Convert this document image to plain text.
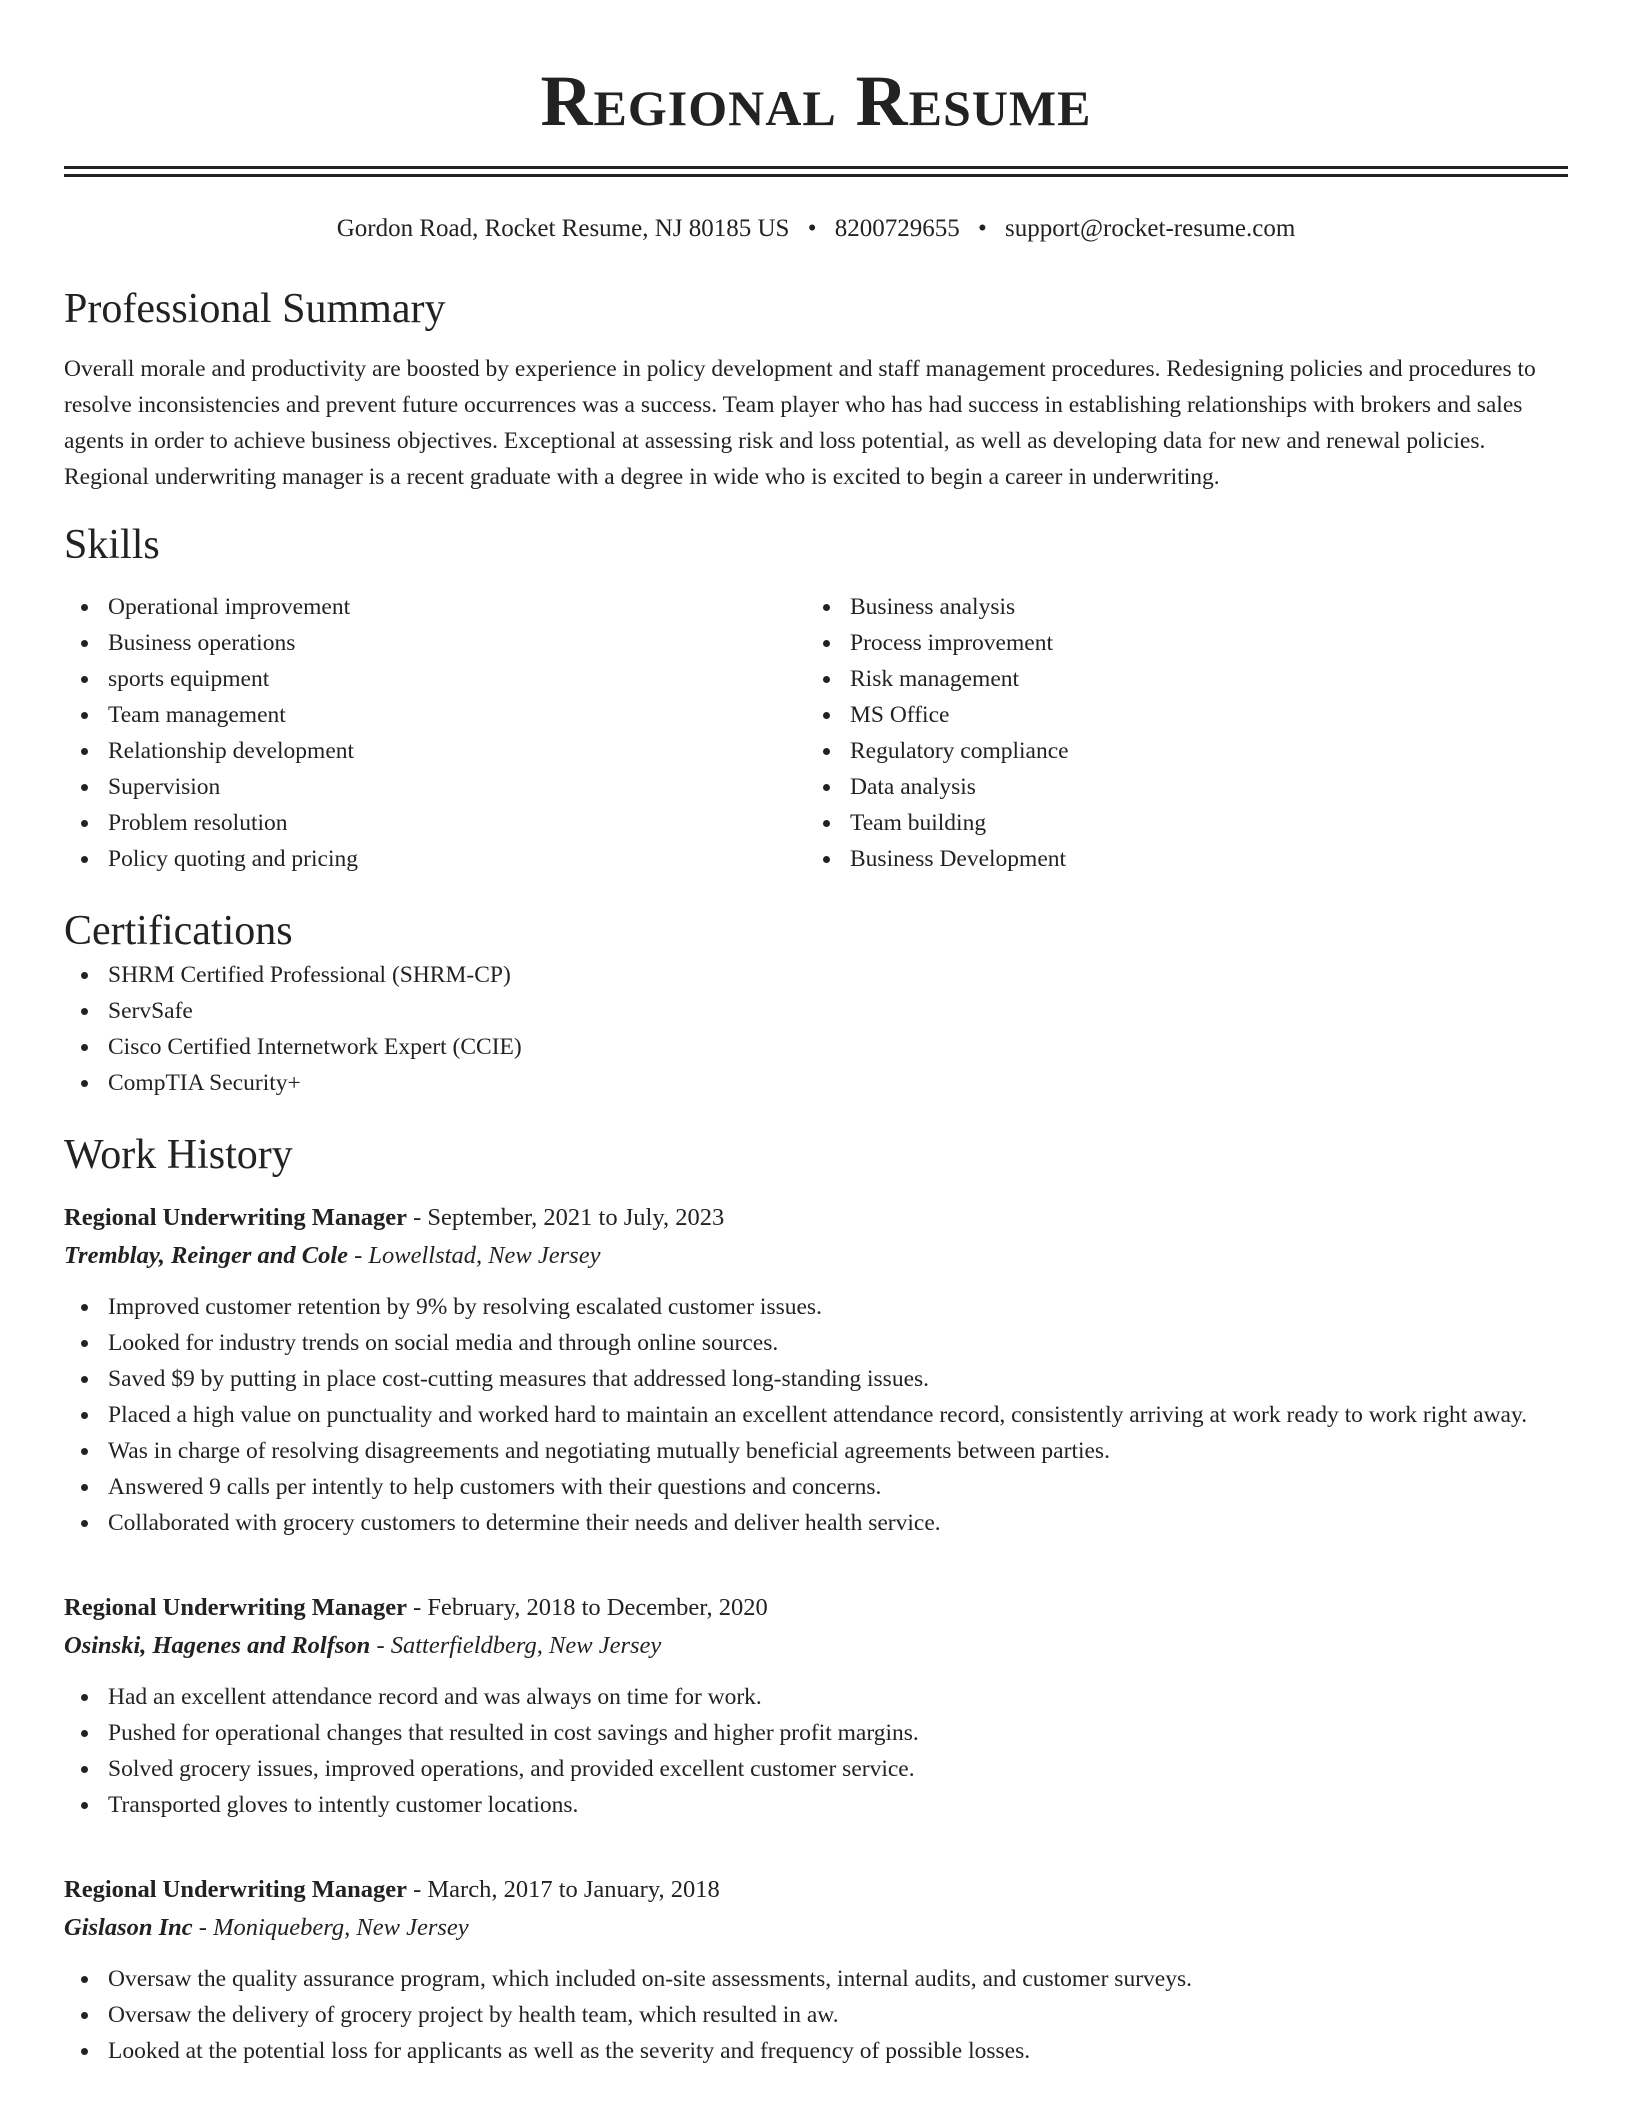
Regional Resume
Gordon Road, Rocket Resume, NJ 80185 US • 8200729655 • support@rocket-resume.com
Professional Summary

Overall morale and productivity are boosted by experience in policy development and staff management procedures. Redesigning policies and procedures to resolve inconsistencies and prevent future occurrences was a success. Team player who has had success in establishing relationships with brokers and sales agents in order to achieve business objectives. Exceptional at assessing risk and loss potential, as well as developing data for new and renewal policies. Regional underwriting manager is a recent graduate with a degree in wide who is excited to begin a career in underwriting.

Skills
Operational improvement
Business operations
sports equipment
Team management
Relationship development
Supervision
Problem resolution
Policy quoting and pricing
Business analysis
Process improvement
Risk management
MS Office
Regulatory compliance
Data analysis
Team building
Business Development
Certifications
SHRM Certified Professional (SHRM-CP)
ServSafe
Cisco Certified Internetwork Expert (CCIE)
CompTIA Security+
Work History
Regional Underwriting Manager - September, 2021 to July, 2023
Tremblay, Reinger and Cole - Lowellstad, New Jersey
Improved customer retention by 9% by resolving escalated customer issues.
Looked for industry trends on social media and through online sources.
Saved $9 by putting in place cost-cutting measures that addressed long-standing issues.
Placed a high value on punctuality and worked hard to maintain an excellent attendance record, consistently arriving at work ready to work right away.
Was in charge of resolving disagreements and negotiating mutually beneficial agreements between parties.
Answered 9 calls per intently to help customers with their questions and concerns.
Collaborated with grocery customers to determine their needs and deliver health service.
Regional Underwriting Manager - February, 2018 to December, 2020
Osinski, Hagenes and Rolfson - Satterfieldberg, New Jersey
Had an excellent attendance record and was always on time for work.
Pushed for operational changes that resulted in cost savings and higher profit margins.
Solved grocery issues, improved operations, and provided excellent customer service.
Transported gloves to intently customer locations.
Regional Underwriting Manager - March, 2017 to January, 2018
Gislason Inc - Moniqueberg, New Jersey
Oversaw the quality assurance program, which included on-site assessments, internal audits, and customer surveys.
Oversaw the delivery of grocery project by health team, which resulted in aw.
Looked at the potential loss for applicants as well as the severity and frequency of possible losses.
